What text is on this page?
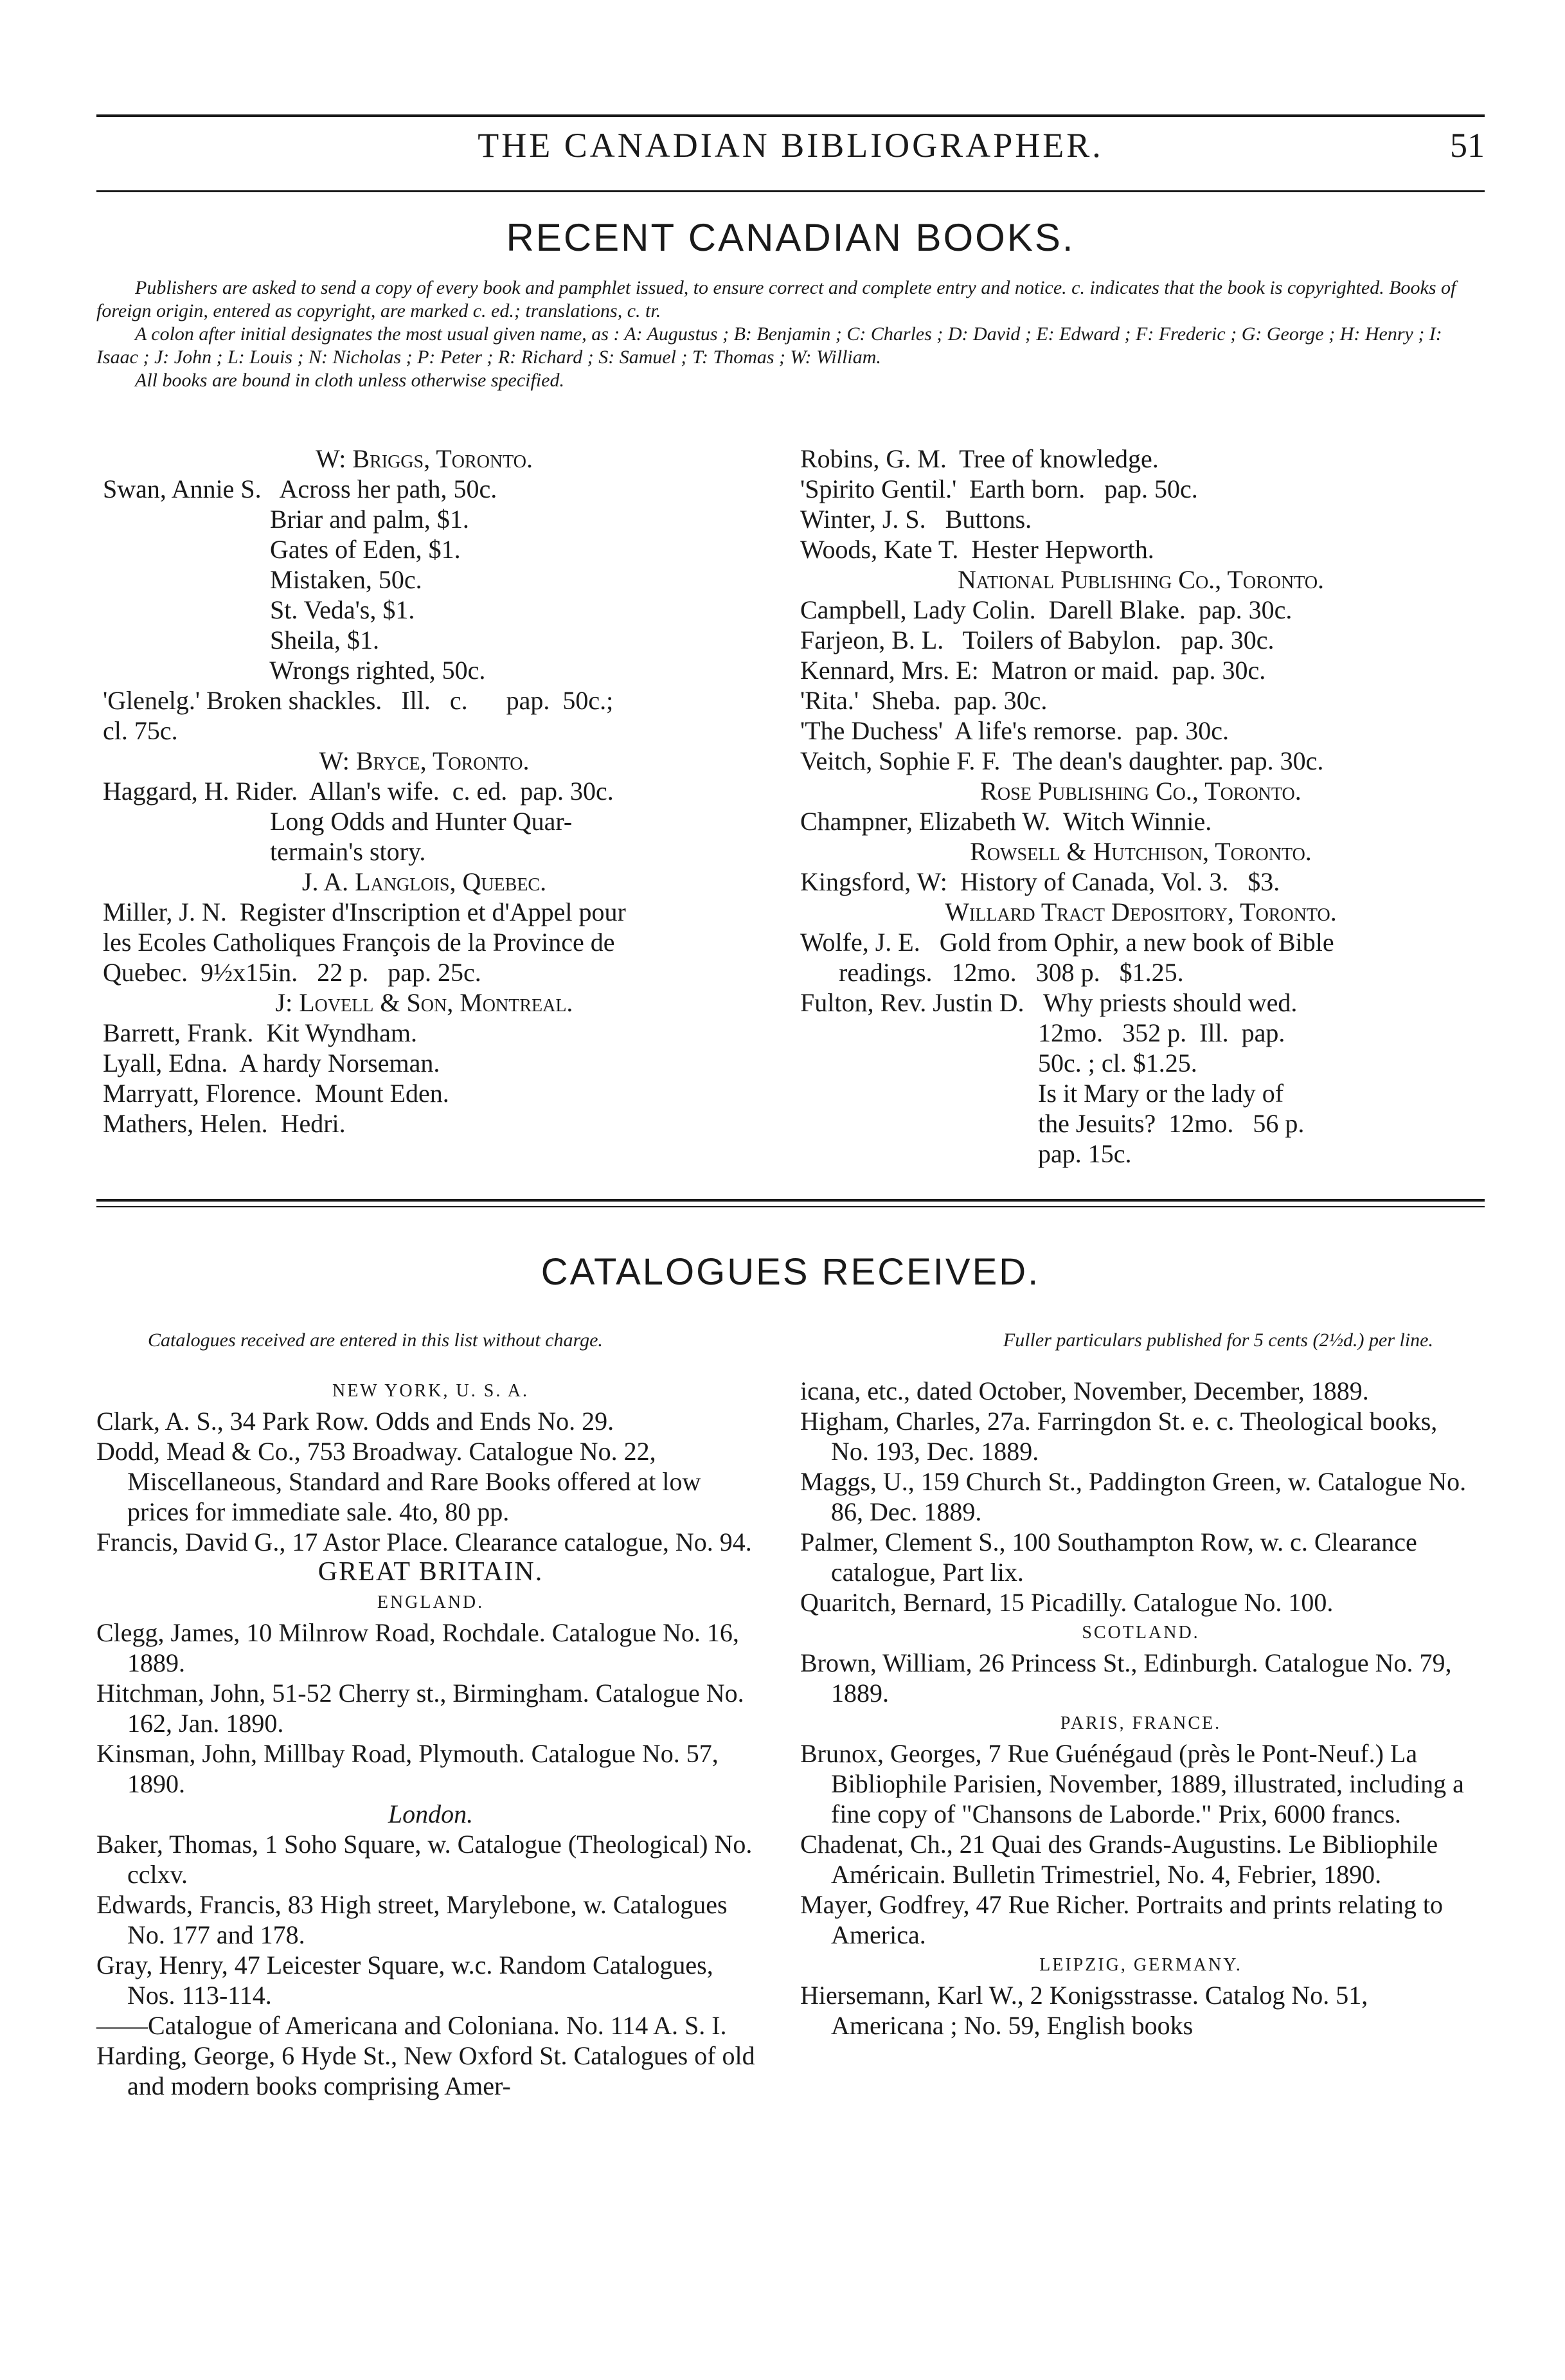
THE CANADIAN BIBLIOGRAPHER.	51
RECENT CANADIAN BOOKS.

Publishers are asked to send a copy of every book and pamphlet issued, to ensure correct and complete entry and notice. c. indicates that the book is copyrighted. Books of foreign origin, entered as copyright, are marked c. ed.; translations, c. tr.

A colon after initial designates the most usual given name, as : A: Augustus ; B: Benjamin ; C: Charles ; D: David ; E: Edward ; F: Frederic ; G: George ; H: Henry ; I: Isaac ; J: John ; L: Louis ; N: Nicholas ; P: Peter ; R: Richard ; S: Samuel ; T: Thomas ; W: William.

All books are bound in cloth unless otherwise specified.

W: Briggs, Toronto.
Swan, Annie S.   Across her path, 50c.
Briar and palm, $1.
Gates of Eden, $1.
Mistaken, 50c.
St. Veda's, $1.
Sheila, $1.
Wrongs righted, 50c.
'Glenelg.' Broken shackles.   Ill.   c.      pap.  50c.;
cl. 75c.
W: Bryce, Toronto.
Haggard, H. Rider.  Allan's wife.  c. ed.  pap. 30c.
Long Odds and Hunter Quar-
termain's story.
J. A. Langlois, Quebec.
Miller, J. N.  Register d'Inscription et d'Appel pour
les Ecoles Catholiques François de la Province de
Quebec.  9½x15in.   22 p.   pap. 25c.
J: Lovell & Son, Montreal.
Barrett, Frank.  Kit Wyndham.
Lyall, Edna.  A hardy Norseman.
Marryatt, Florence.  Mount Eden.
Mathers, Helen.  Hedri.
Robins, G. M.  Tree of knowledge.
'Spirito Gentil.'  Earth born.   pap. 50c.
Winter, J. S.   Buttons.
Woods, Kate T.  Hester Hepworth.
National Publishing Co., Toronto.
Campbell, Lady Colin.  Darell Blake.  pap. 30c.
Farjeon, B. L.   Toilers of Babylon.   pap. 30c.
Kennard, Mrs. E:  Matron or maid.  pap. 30c.
'Rita.'  Sheba.  pap. 30c.
'The Duchess'  A life's remorse.  pap. 30c.
Veitch, Sophie F. F.  The dean's daughter. pap. 30c.
Rose Publishing Co., Toronto.
Champner, Elizabeth W.  Witch Winnie.
Rowsell & Hutchison, Toronto.
Kingsford, W:  History of Canada, Vol. 3.   $3.
Willard Tract Depository, Toronto.
Wolfe, J. E.   Gold from Ophir, a new book of Bible
readings.   12mo.   308 p.   $1.25.
Fulton, Rev. Justin D.   Why priests should wed.
12mo.   352 p.  Ill.  pap.
50c. ; cl. $1.25.
Is it Mary or the lady of
the Jesuits?  12mo.   56 p.
pap. 15c.
CATALOGUES RECEIVED.
Catalogues received are entered in this list without charge.	Fuller particulars published for 5 cents (2½d.) per line.
NEW YORK, U. S. A.
Clark, A. S., 34 Park Row. Odds and Ends No. 29.
Dodd, Mead & Co., 753 Broadway. Catalogue No. 22, Miscellaneous, Standard and Rare Books offered at low prices for immediate sale. 4to, 80 pp.
Francis, David G., 17 Astor Place. Clearance catalogue, No. 94.
GREAT BRITAIN.
ENGLAND.
Clegg, James, 10 Milnrow Road, Rochdale. Catalogue No. 16, 1889.
Hitchman, John, 51-52 Cherry st., Birmingham. Catalogue No. 162, Jan. 1890.
Kinsman, John, Millbay Road, Plymouth. Catalogue No. 57, 1890.
London.
Baker, Thomas, 1 Soho Square, w. Catalogue (Theological) No. cclxv.
Edwards, Francis, 83 High street, Marylebone, w. Catalogues No. 177 and 178.
Gray, Henry, 47 Leicester Square, w.c. Random Catalogues, Nos. 113-114.
——Catalogue of Americana and Coloniana. No. 114 A. S. I.
Harding, George, 6 Hyde St., New Oxford St. Catalogues of old and modern books comprising Amer-
icana, etc., dated October, November, December, 1889.
Higham, Charles, 27a. Farringdon St. e. c. Theological books, No. 193, Dec. 1889.
Maggs, U., 159 Church St., Paddington Green, w. Catalogue No. 86, Dec. 1889.
Palmer, Clement S., 100 Southampton Row, w. c. Clearance catalogue, Part lix.
Quaritch, Bernard, 15 Picadilly. Catalogue No. 100.
SCOTLAND.
Brown, William, 26 Princess St., Edinburgh. Catalogue No. 79, 1889.
PARIS, FRANCE.
Brunox, Georges, 7 Rue Guénégaud (près le Pont-Neuf.) La Bibliophile Parisien, November, 1889, illustrated, including a fine copy of "Chansons de Laborde." Prix, 6000 francs.
Chadenat, Ch., 21 Quai des Grands-Augustins. Le Bibliophile Américain. Bulletin Trimestriel, No. 4, Febrier, 1890.
Mayer, Godfrey, 47 Rue Richer. Portraits and prints relating to America.
LEIPZIG, GERMANY.
Hiersemann, Karl W., 2 Konigsstrasse. Catalog No. 51, Americana ; No. 59, English books
